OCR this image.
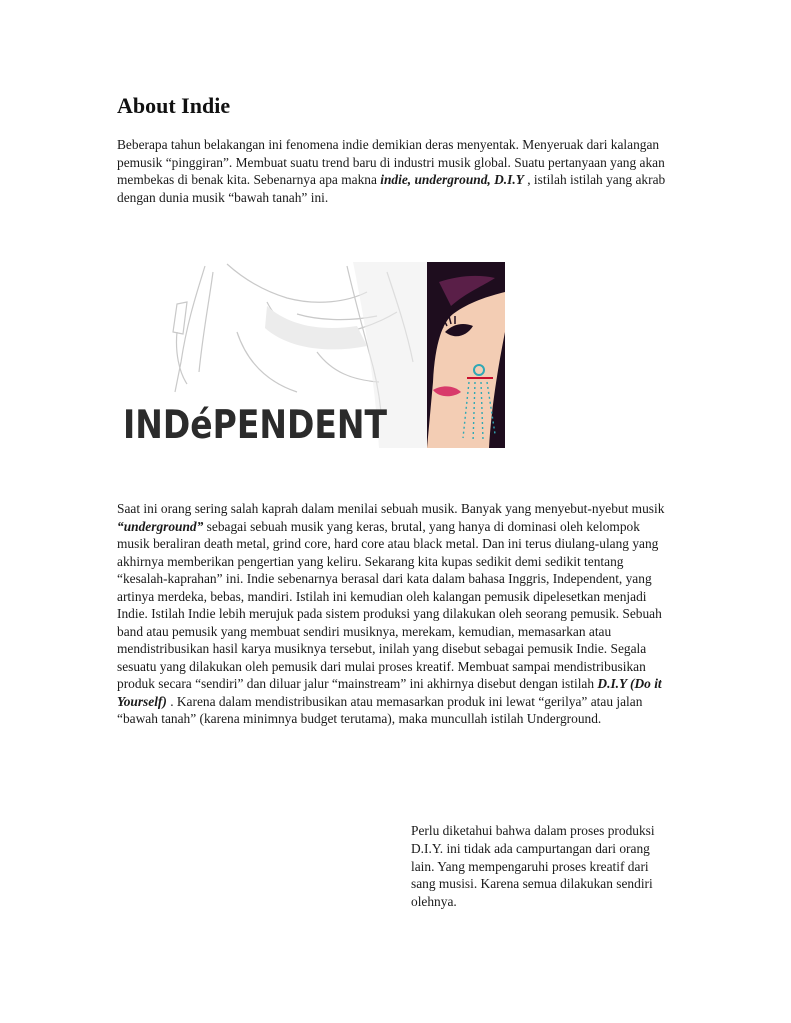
About Indie

Beberapa tahun belakangan ini fenomena indie demikian deras menyentak. Menyeruak dari kalangan pemusik “pinggiran”. Membuat suatu trend baru di industri musik global. Suatu pertanyaan yang akan membekas di benak kita. Sebenarnya apa makna indie, underground, D.I.Y , istilah istilah yang akrab dengan dunia musik “bawah tanah” ini.

INDéPENDENT

Saat ini orang sering salah kaprah dalam menilai sebuah musik. Banyak yang menyebut-nyebut musik “underground” sebagai sebuah musik yang keras, brutal, yang hanya di dominasi oleh kelompok musik beraliran death metal, grind core, hard core atau black metal. Dan ini terus diulang-ulang yang akhirnya memberikan pengertian yang keliru. Sekarang kita kupas sedikit demi sedikit tentang “kesalah-kaprahan” ini. Indie sebenarnya berasal dari kata dalam bahasa Inggris, Independent, yang artinya merdeka, bebas, mandiri. Istilah ini kemudian oleh kalangan pemusik dipelesetkan menjadi Indie. Istilah Indie lebih merujuk pada sistem produksi yang dilakukan oleh seorang pemusik. Sebuah band atau pemusik yang membuat sendiri musiknya, merekam, kemudian, memasarkan atau mendistribusikan hasil karya musiknya tersebut, inilah yang disebut sebagai pemusik Indie. Segala sesuatu yang dilakukan oleh pemusik dari mulai proses kreatif. Membuat sampai mendistribusikan produk secara “sendiri” dan diluar jalur “mainstream” ini akhirnya disebut dengan istilah D.I.Y (Do it Yourself) . Karena dalam mendistribusikan atau memasarkan produk ini lewat “gerilya” atau jalan “bawah tanah” (karena minimnya budget terutama), maka muncullah istilah Underground.

Perlu diketahui bahwa dalam proses produksi D.I.Y. ini tidak ada campurtangan dari orang lain. Yang mempengaruhi proses kreatif dari sang musisi. Karena semua dilakukan sendiri olehnya.
